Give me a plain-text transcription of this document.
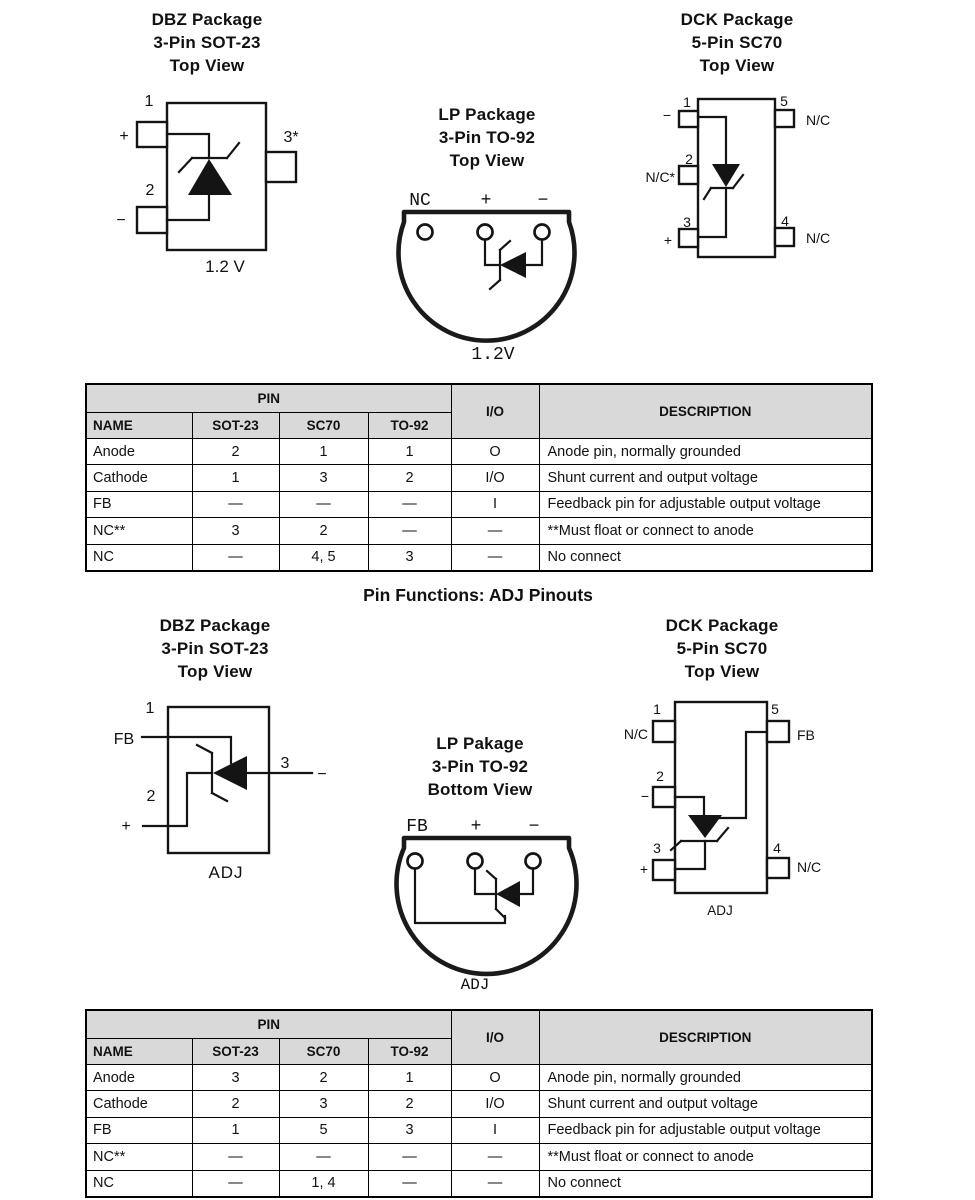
DBZ Package
3-Pin SOT-23
Top View
LP Package
3-Pin TO-92
Top View
DCK Package
5-Pin SC70
Top View
1
+
2
−
3*
1.2 V
NC	+	−
1.2V
1
−
2
N/C*
3
+
4
N/C
5
N/C
PIN				I/O	DESCRIPTION
NAME	SOT-23	SC70	TO-92		
Anode	2	1	1	O	Anode pin, normally grounded
Cathode	1	3	2	I/O	Shunt current and output voltage
FB	—	—	—	I	Feedback pin for adjustable output voltage
NC**	3	2	—	—	**Must float or connect to anode
NC	—	4, 5	3	—	No connect
Pin Functions: ADJ Pinouts
DBZ Package
3-Pin SOT-23
Top View
LP Pakage
3-Pin TO-92
Bottom View
DCK Package
5-Pin SC70
Top View
1
FB
2
+
3
−
ADJ
FB +	−
ADJ
1
N/C
2
−
3
+
4
N/C
5
FB
ADJ
PIN				I/O	DESCRIPTION
NAME	SOT-23	SC70	TO-92		
Anode	3	2	1	O	Anode pin, normally grounded
Cathode	2	3	2	I/O	Shunt current and output voltage
FB	1	5	3	I	Feedback pin for adjustable output voltage
NC**	—	—	—	—	**Must float or connect to anode
NC	—	1, 4	—	—	No connect
